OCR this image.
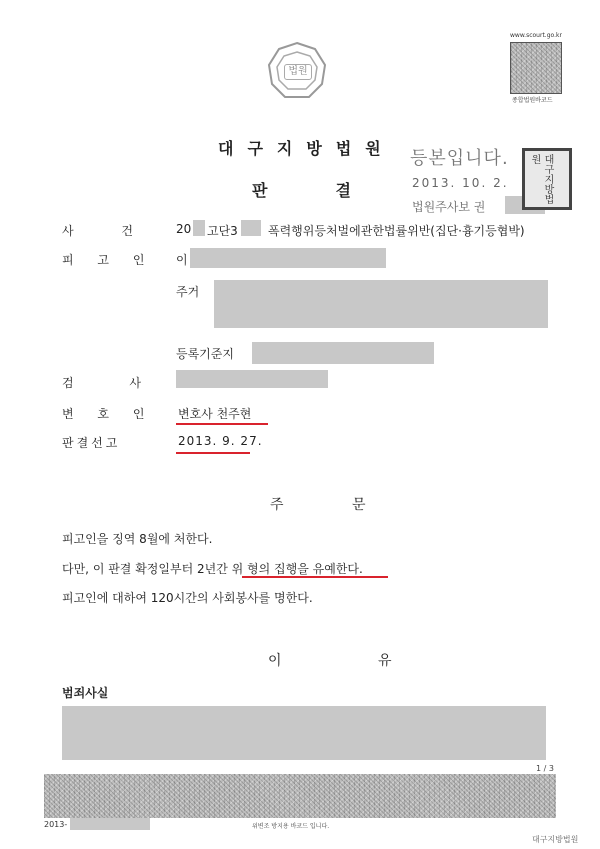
법원
www.scourt.go.kr
종합법원바코드
대구지방법원
판결
등본입니다.
2013. 10. 2.
법원주사보 권
대구지방법원
사 건 20 고단3	폭력행위등처벌에관한법률위반(집단·흉기등협박)
피 고 인 이
주거
등록기준지
검 사
변 호 인 변호사 천주현
판결선고	2013. 9. 27.
주 문
피고인을 징역 8월에 처한다.
다만, 이 판결 확정일부터 2년간 위 형의 집행을 유예한다.
피고인에 대하여 120시간의 사회봉사를 명한다.
이 유
범죄사실
1 / 3
2013-	위변조 방지용 바코드 입니다.
대구지방법원
